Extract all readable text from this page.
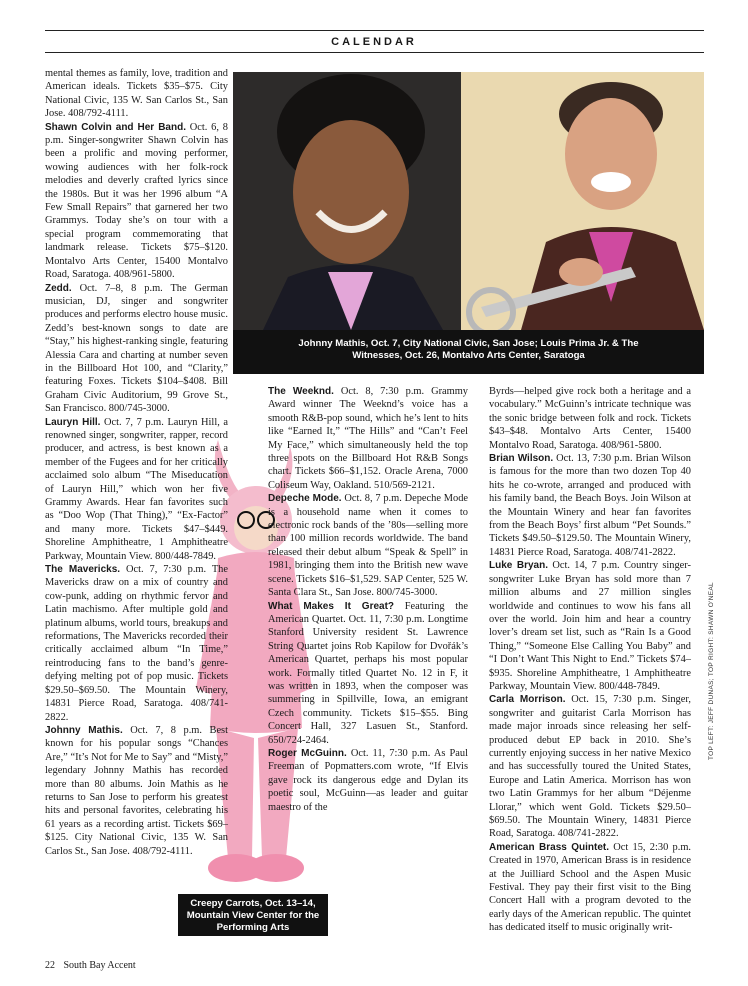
CALENDAR
Johnny Mathis, Oct. 7, City National Civic, San Jose; Louis Prima Jr. & The Witnesses, Oct. 26, Montalvo Arts Center, Saratoga
Creepy Carrots, Oct. 13–14, Mountain View Center for the Performing Arts

mental themes as family, love, tradition and American ideals. Tickets $35–$75. City National Civic, 135 W. San Carlos St., San Jose. 408/792-4111.

Shawn Colvin and Her Band. Oct. 6, 8 p.m. Singer-songwriter Shawn Colvin has been a prolific and moving performer, wowing audiences with her folk-rock melodies and deverly crafted lyrics since the 1980s. But it was her 1996 album “A Few Small Repairs” that garnered her two Grammys. Today she’s on tour with a special program commemorating that landmark release. Tickets $75–$120. Montalvo Arts Center, 15400 Montalvo Road, Saratoga. 408/961-5800.

Zedd. Oct. 7–8, 8 p.m. The German musician, DJ, singer and songwriter produces and performs electro house music. Zedd’s best-known songs to date are “Stay,” his highest-ranking single, featuring Alessia Cara and charting at number seven in the Billboard Hot 100, and “Clarity,” featuring Foxes. Tickets $104–$408. Bill Graham Civic Auditorium, 99 Grove St., San Francisco. 800/745-3000.

Lauryn Hill. Oct. 7, 7 p.m. Lauryn Hill, a renowned singer, songwriter, rapper, record producer, and actress, is best known as a member of the Fugees and for her critically acclaimed solo album “The Miseducation of Lauryn Hill,” which won her five Grammy Awards. Hear fan favorites such as “Doo Wop (That Thing),” “Ex-Factor” and many more. Tickets $47–$449. Shoreline Amphitheatre, 1 Amphitheatre Parkway, Mountain View. 800/448-7849.

The Mavericks. Oct. 7, 7:30 p.m. The Mavericks draw on a mix of country and cow-punk, adding on rhythmic fervor and Latin machismo. After multiple gold and platinum albums, world tours, breakups and reformations, The Mavericks recorded their critically acclaimed album “In Time,” reintroducing fans to the band’s genre-defying melting pot of pop music. Tickets $29.50–$69.50. The Mountain Winery, 14831 Pierce Road, Saratoga. 408/741-2822.

Johnny Mathis. Oct. 7, 8 p.m. Best known for his popular songs “Chances Are,” “It’s Not for Me to Say” and “Misty,” legendary Johnny Mathis has recorded more than 80 albums. Join Mathis as he returns to San Jose to perform his greatest hits and personal favorites, celebrating his 61 years as a recording artist. Tickets $69–$125. City National Civic, 135 W. San Carlos St., San Jose. 408/792-4111.

The Weeknd. Oct. 8, 7:30 p.m. Grammy Award winner The Weeknd’s voice has a smooth R&B-pop sound, which he’s lent to hits like “Earned It,” “The Hills” and “Can’t Feel My Face,” which simultaneously held the top three spots on the Billboard Hot R&B Songs chart. Tickets $66–$1,152. Oracle Arena, 7000 Coliseum Way, Oakland. 510/569-2121.

Depeche Mode. Oct. 8, 7 p.m. Depeche Mode is a household name when it comes to electronic rock bands of the ’80s—selling more than 100 million records worldwide. The band released their debut album “Speak & Spell” in 1981, bringing them into the British new wave scene. Tickets $16–$1,529. SAP Center, 525 W. Santa Clara St., San Jose. 800/745-3000.

What Makes It Great? Featuring the American Quartet. Oct. 11, 7:30 p.m. Longtime Stanford University resident St. Lawrence String Quartet joins Rob Kapilow for Dvořák’s American Quartet, perhaps his most popular work. Formally titled Quartet No. 12 in F, it was written in 1893, when the composer was summering in Spillville, Iowa, an emigrant Czech community. Tickets $15–$55. Bing Concert Hall, 327 Lasuen St., Stanford. 650/724-2464.

Roger McGuinn. Oct. 11, 7:30 p.m. As Paul Freeman of Popmatters.com wrote, “If Elvis gave rock its dangerous edge and Dylan its poetic soul, McGuinn—as leader and guitar maestro of the

Byrds—helped give rock both a heritage and a vocabulary.” McGuinn’s intricate technique was the sonic bridge between folk and rock. Tickets $43–$48. Montalvo Arts Center, 15400 Montalvo Road, Saratoga. 408/961-5800.

Brian Wilson. Oct. 13, 7:30 p.m. Brian Wilson is famous for the more than two dozen Top 40 hits he co-wrote, arranged and produced with his family band, the Beach Boys. Join Wilson at the Mountain Winery and hear fan favorites from the Beach Boys’ first album “Pet Sounds.” Tickets $49.50–$129.50. The Mountain Winery, 14831 Pierce Road, Saratoga. 408/741-2822.

Luke Bryan. Oct. 14, 7 p.m. Country singer-songwriter Luke Bryan has sold more than 7 million albums and 27 million singles worldwide and continues to wow his fans all over the world. Join him and hear a country lover’s dream set list, such as “Rain Is a Good Thing,” “Someone Else Calling You Baby” and “I Don’t Want This Night to End.” Tickets $74–$935. Shoreline Amphitheatre, 1 Amphitheatre Parkway, Mountain View. 800/448-7849.

Carla Morrison. Oct. 15, 7:30 p.m. Singer, songwriter and guitarist Carla Morrison has made major inroads since releasing her self-produced debut EP back in 2010. She’s currently enjoying success in her native Mexico and has successfully toured the United States, Europe and Latin America. Morrison has won two Latin Grammys for her album “Déjenme Llorar,” which went Gold. Tickets $29.50–$69.50. The Mountain Winery, 14831 Pierce Road, Saratoga. 408/741-2822.

American Brass Quintet. Oct 15, 2:30 p.m. Created in 1970, American Brass is in residence at the Juilliard School and the Aspen Music Festival. They pay their first visit to the Bing Concert Hall with a program devoted to the early days of the American republic. The quintet has dedicated itself to music originally writ-

TOP LEFT: JEFF DUNAS; TOP RIGHT: SHAWN O'NEAL
22 South Bay Accent
